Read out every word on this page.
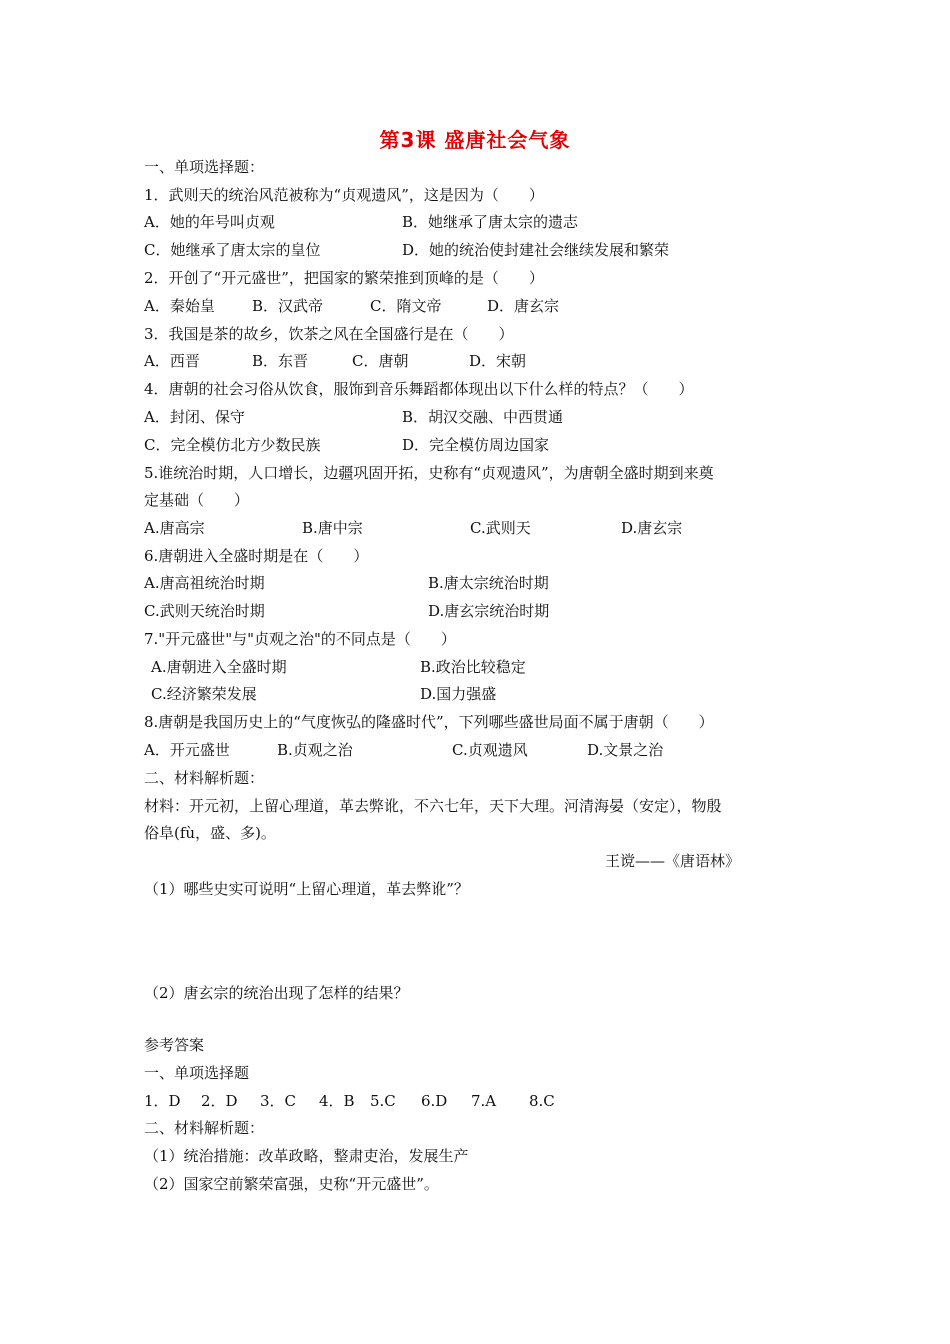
第3课 盛唐社会气象
一、单项选择题：
1．武则天的统治风范被称为“贞观遗风”，这是因为（　　）
A．她的年号叫贞观	B．她继承了唐太宗的遗志
C．她继承了唐太宗的皇位	D．她的统治使封建社会继续发展和繁荣
2．开创了“开元盛世”，把国家的繁荣推到顶峰的是（　　）
A．秦始皇 B．汉武帝	C．隋文帝	D．唐玄宗
3．我国是茶的故乡，饮茶之风在全国盛行是在（　　）
A．西晋	B．东晋	C．唐朝	D．宋朝
4．唐朝的社会习俗从饮食，服饰到音乐舞蹈都体现出以下什么样的特点？（　　）
A．封闭、保守	B．胡汉交融、中西贯通
C．完全模仿北方少数民族	D．完全模仿周边国家
5.谁统治时期，人口增长，边疆巩固开拓，史称有“贞观遗风”，为唐朝全盛时期到来奠
定基础（　　）
A.唐高宗	B.唐中宗	C.武则天	D.唐玄宗
6.唐朝进入全盛时期是在（　　）
A.唐高祖统治时期	B.唐太宗统治时期
C.武则天统治时期	D.唐玄宗统治时期
7."开元盛世"与"贞观之治"的不同点是（　　）
A.唐朝进入全盛时期	B.政治比较稳定
C.经济繁荣发展	D.国力强盛
8.唐朝是我国历史上的“气度恢弘的隆盛时代”，下列哪些盛世局面不属于唐朝（　　）
A．开元盛世	B.贞观之治	C.贞观遗风	D.文景之治
二、材料解析题：
材料：开元初，上留心理道，革去弊讹，不六七年，天下大理。河清海晏（安定），物殷
俗阜(fù，盛、多)。
王谠——《唐语林》
（1）哪些史实可说明“上留心理道，革去弊讹”？
（2）唐玄宗的统治出现了怎样的结果？
参考答案
一、单项选择题
1．D 2．D 3．C 4．B 5.C 6.D 7.A 8.C
二、材料解析题：
（1）统治措施：改革政略，整肃吏治，发展生产
（2）国家空前繁荣富强，史称“开元盛世”。
